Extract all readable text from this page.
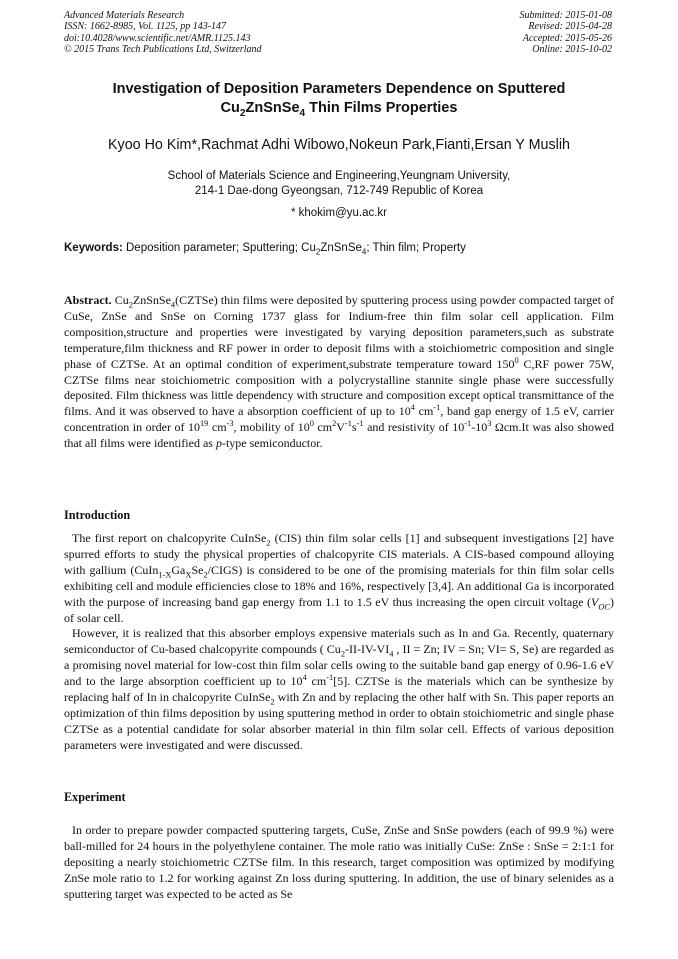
Advanced Materials Research
ISSN: 1662-8985, Vol. 1125, pp 143-147
doi:10.4028/www.scientific.net/AMR.1125.143
© 2015 Trans Tech Publications Ltd, Switzerland
Submitted: 2015-01-08
Revised: 2015-04-28
Accepted: 2015-05-26
Online: 2015-10-02
Investigation of Deposition Parameters Dependence on Sputtered
$Cu_2ZnSnSe_4$ Thin Films Properties
Kyoo Ho Kim*,Rachmat Adhi Wibowo,Nokeun Park,Fianti,Ersan Y Muslih
School of Materials Science and Engineering,Yeungnam University,
214-1 Dae-dong Gyeongsan, 712-749 Republic of Korea
* khokim@yu.ac.kr
Keywords: Deposition parameter; Sputtering; $Cu_2ZnSnSe_4$; Thin film; Property

Abstract. $Cu_2ZnSnSe_4(CZTSe)$ thin films were deposited by sputtering process using powder compacted target of CuSe, ZnSe and SnSe on Corning 1737 glass for Indium-free thin film solar cell application. Film composition,structure and properties were investigated by varying deposition parameters,such as substrate temperature,film thickness and RF power in order to deposit films with a stoichiometric composition and single phase of CZTSe. At an optimal condition of experiment,substrate temperature toward $150^0$ C,RF power 75W, CZTSe films near stoichiometric composition with a polycrystalline stannite single phase were successfully deposited. Film thickness was little dependency with structure and composition except optical transmittance of the films. And it was observed to have a absorption coefficient of up to $10^4$ $cm^{-1}$, band gap energy of 1.5 eV, carrier concentration in order of $10^{19}$ $cm^{-3}$, mobility of $10^0$ $cm^2V^{-1}s^{-1}$ and resistivity of $10^{-1}-10^3$ Ωcm.It was also showed that all films were identified as p-type semiconductor.

Introduction

The first report on chalcopyrite CuInSe$_2$ (CIS) thin film solar cells [1] and subsequent investigations [2] have spurred efforts to study the physical properties of chalcopyrite CIS materials. A CIS-based compound alloying with gallium $(CuIn_{1-X}Ga_XSe_2/CIGS)$ is considered to be one of the promising materials for thin film solar cells exhibiting cell and module efficiencies close to 18% and 16%, respectively [3,4]. An additional Ga is incorporated with the purpose of increasing band gap energy from 1.1 to 1.5 eV thus increasing the open circuit voltage $(V_{OC})$ of solar cell.

However, it is realized that this absorber employs expensive materials such as In and Ga. Recently, quaternary semiconductor of Cu-based chalcopyrite compounds ( $Cu_2-II-IV-VI_4$ , II = Zn; IV = Sn; VI= S, Se) are regarded as a promising novel material for low-cost thin film solar cells owing to the suitable band gap energy of 0.96-1.6 eV and to the large absorption coefficient up to $10^4$ $cm^{-1}[5]$. CZTSe is the materials which can be synthesize by replacing half of In in chalcopyrite CuInSe$_2$ with Zn and by replacing the other half with Sn. This paper reports an optimization of thin films deposition by using sputtering method in order to obtain stoichiometric and single phase CZTSe as a potential candidate for solar absorber material in thin film solar cell. Effects of various deposition parameters were investigated and were discussed.

Experiment

In order to prepare powder compacted sputtering targets, CuSe, ZnSe and SnSe powders (each of 99.9 %) were ball-milled for 24 hours in the polyethylene container. The mole ratio was initially CuSe: ZnSe : SnSe = 2:1:1 for depositing a nearly stoichiometric CZTSe film. In this research, target composition was optimized by modifying ZnSe mole ratio to 1.2 for working against Zn loss during sputtering. In addition, the use of binary selenides as a sputtering target was expected to be acted as Se
